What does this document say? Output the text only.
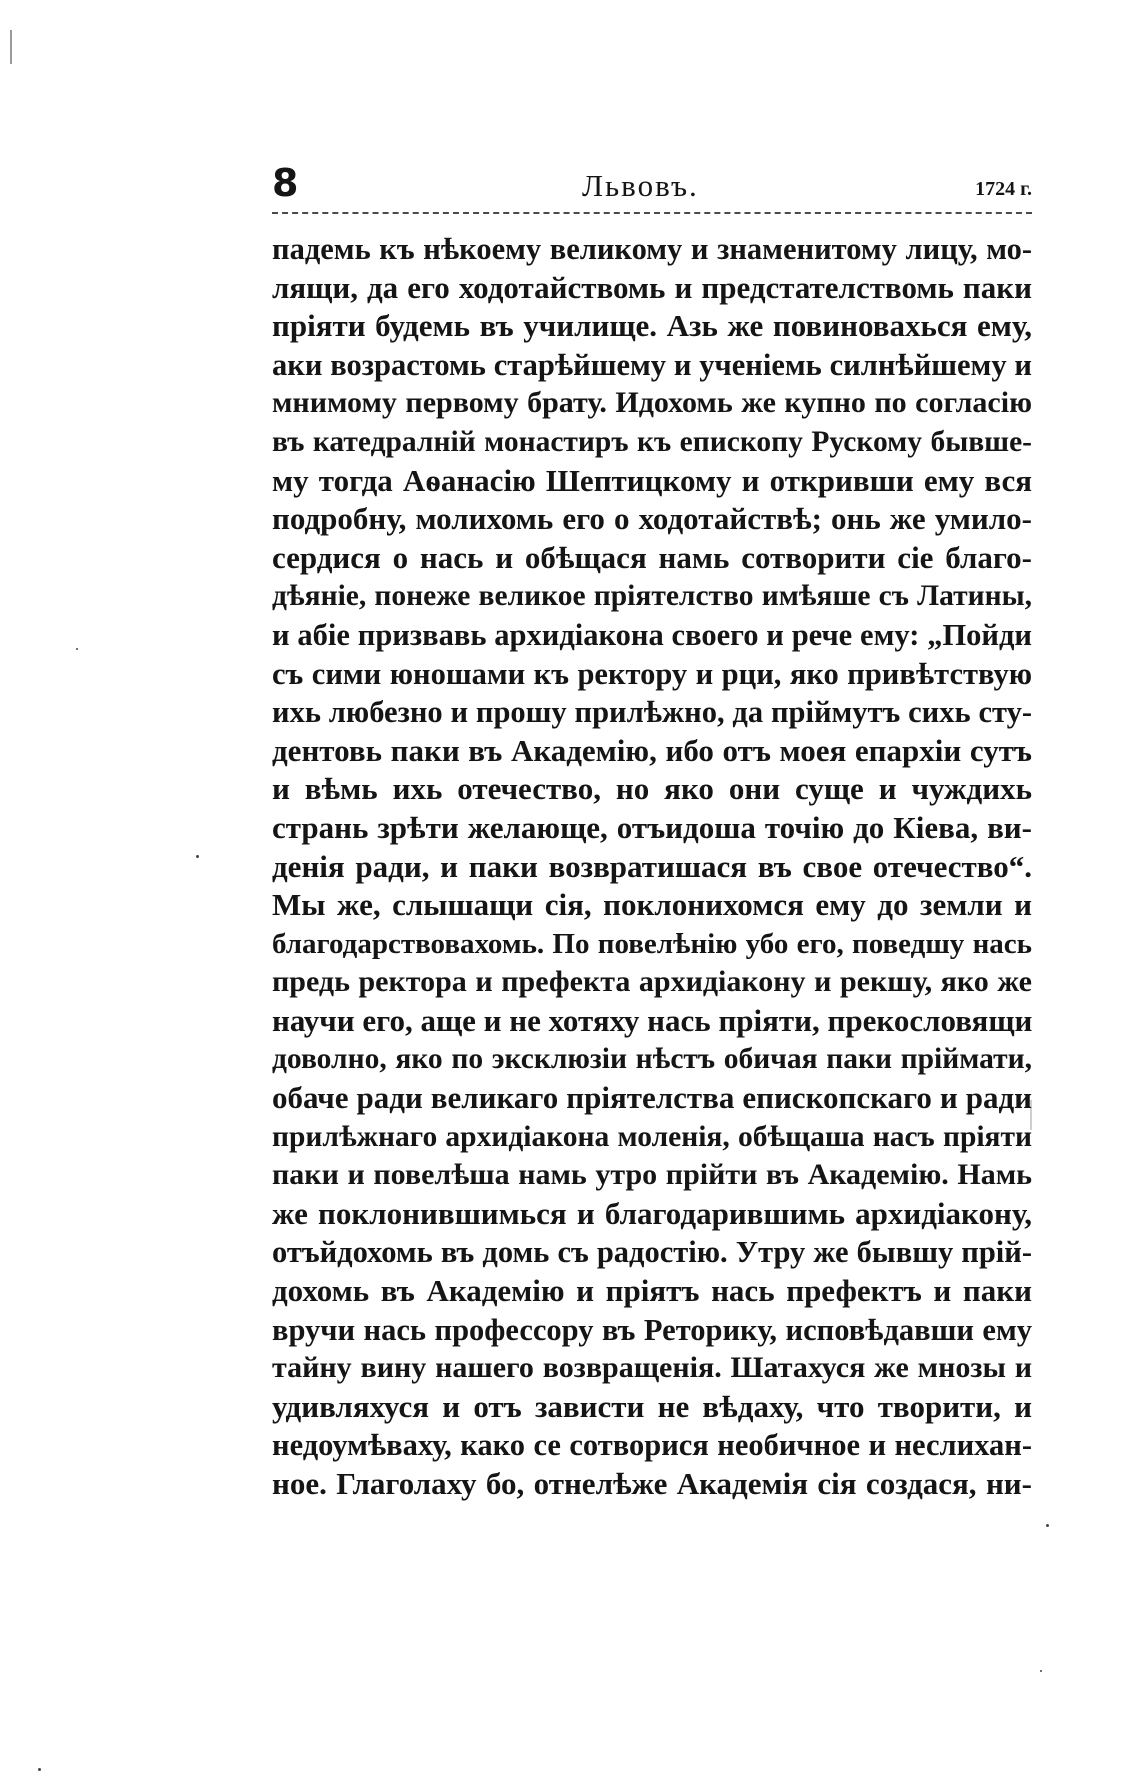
8	Львовъ.	1724 г.
падемь къ нѣкоему великому и знаменитому лицу, мо-
лящи, да его ходотайствомь и предстателствомь паки
пріяти будемь въ училище. Азь же повиновахься ему,
аки возрастомь старѣйшему и ученіемь силнѣйшему и
мнимому первому брату. Идохомь же купно по согласію
въ катедралній монастиръ къ епископу Рускому бывше-
му тогда Аѳанасію Шептицкому и откривши ему вся
подробну, молихомь его о ходотайствѣ; онь же умило-
сердися о нась и обѣщася намь сотворити сіе благо-
дѣяніе, понеже великое пріятелство имѣяше съ Латины,
и абіе призвавь архидіакона своего и рече ему: „Пойди
съ сими юношами къ ректору и рци, яко привѣтствую
ихь любезно и прошу прилѣжно, да пріймутъ сихь сту-
дентовь паки въ Академію, ибо отъ моея епархіи сутъ
и вѣмь ихь отечество, но яко они суще и чуждихь
странь зрѣти желающе, отъидоша точію до Кіева, ви-
денія ради, и паки возвратишася въ свое отечество“.
Мы же, слышащи сія, поклонихомся ему до земли и
благодарствовахомь. По повелѣнію убо его, поведшу нась
предь ректора и префекта архидіакону и рекшу, яко же
научи его, аще и не хотяху нась пріяти, прекословящи
доволно, яко по эксклюзіи нѣстъ обичая паки пріймати,
обаче ради великаго пріятелства епископскаго и ради
прилѣжнаго архидіакона моленія, обѣщаша насъ пріяти
паки и повелѣша намь утро прійти въ Академію. Намь
же поклонившимься и благодарившимь архидіакону,
отъйдохомь въ домь съ радостію. Утру же бывшу прій-
дохомь въ Академію и пріятъ нась префектъ и паки
вручи нась профессору въ Реторику, исповѣдавши ему
тайну вину нашего возвращенія. Шатахуся же мнозы и
удивляхуся и отъ зависти не вѣдаху, что творити, и
недоумѣваху, како се сотворися необичное и неслихан-
ное. Глаголаху бо, отнелѣже Академія сія создася, ни-
